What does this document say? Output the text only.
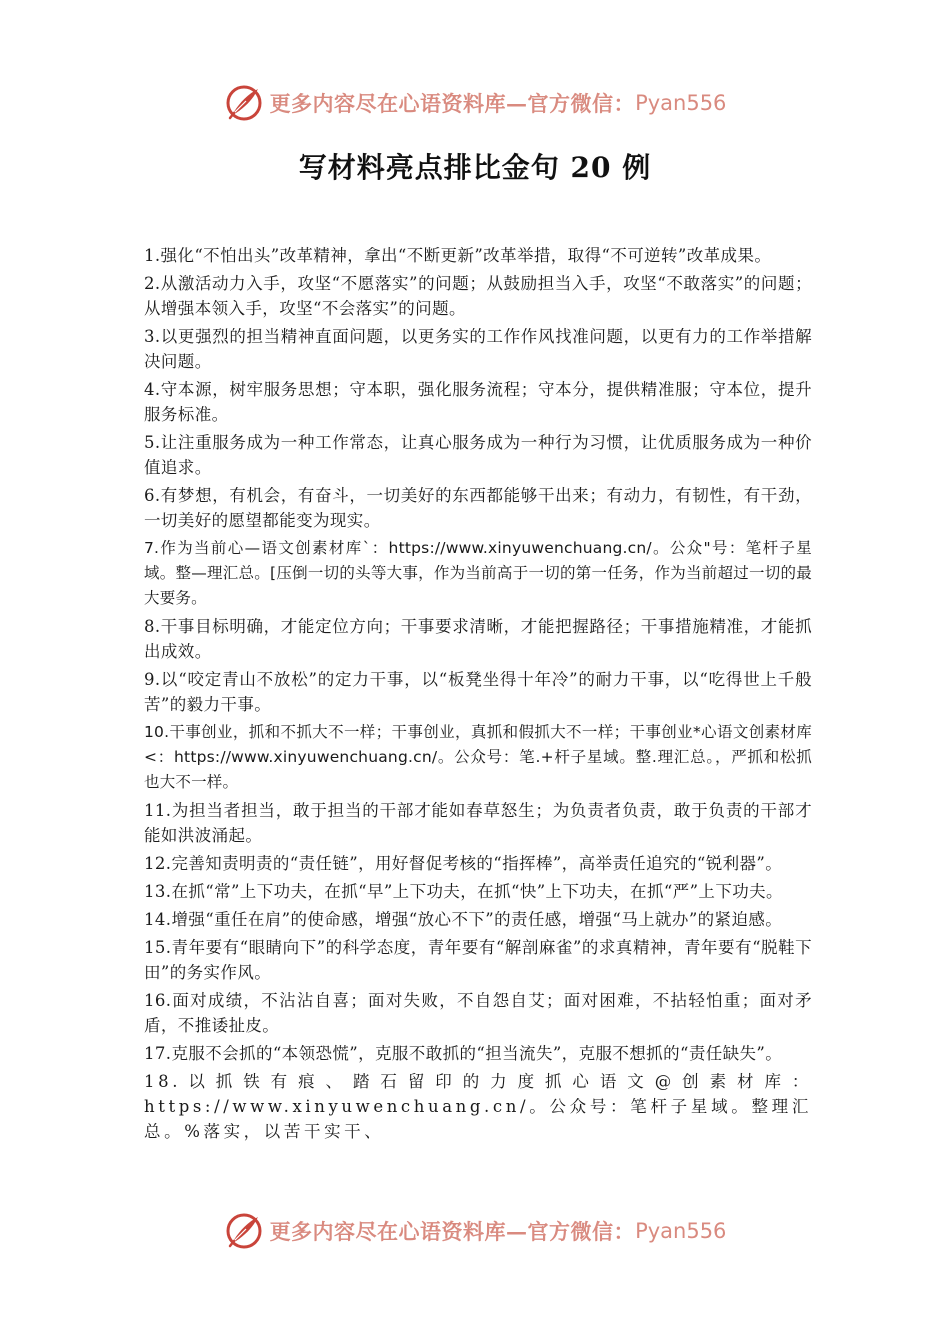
更多内容尽在心语资料库—官方微信： Pyan556
写材料亮点排比金句 20 例

1.强化“不怕出头”改革精神，拿出“不断更新”改革举措，取得“不可逆转”改革成果。

2.从激活动力入手，攻坚“不愿落实”的问题；从鼓励担当入手，攻坚“不敢落实”的问题；从增强本领入手，攻坚“不会落实”的问题。

3.以更强烈的担当精神直面问题，以更务实的工作作风找准问题，以更有力的工作举措解决问题。

4.守本源，树牢服务思想；守本职，强化服务流程；守本分，提供精准服；守本位，提升服务标准。

5.让注重服务成为一种工作常态，让真心服务成为一种行为习惯，让优质服务成为一种价值追求。

6.有梦想，有机会，有奋斗，一切美好的东西都能够干出来；有动力，有韧性，有干劲，一切美好的愿望都能变为现实。

7.作为当前心—语文创素材库`：https://www.xinyuwenchuang.cn/。公众"号：笔杆子星域。整—理汇总。[压倒一切的头等大事，作为当前高于一切的第一任务，作为当前超过一切的最大要务。

8.干事目标明确，才能定位方向；干事要求清晰，才能把握路径；干事措施精准，才能抓出成效。

9.以“咬定青山不放松”的定力干事，以“板凳坐得十年冷”的耐力干事，以“吃得世上千般苦”的毅力干事。

10.干事创业，抓和不抓大不一样；干事创业，真抓和假抓大不一样；干事创业*心语文创素材库<：https://www.xinyuwenchuang.cn/。公众号：笔.+杆子星域。整.理汇总。，严抓和松抓也大不一样。

11.为担当者担当，敢于担当的干部才能如春草怒生；为负责者负责，敢于负责的干部才能如洪波涌起。

12.完善知责明责的“责任链”，用好督促考核的“指挥棒”，高举责任追究的“锐利器”。

13.在抓“常”上下功夫，在抓“早”上下功夫，在抓“快”上下功夫，在抓“严”上下功夫。

14.增强“重任在肩”的使命感，增强“放心不下”的责任感，增强“马上就办”的紧迫感。

15.青年要有“眼睛向下”的科学态度，青年要有“解剖麻雀”的求真精神，青年要有“脱鞋下田”的务实作风。

16.面对成绩，不沾沾自喜；面对失败，不自怨自艾；面对困难，不拈轻怕重；面对矛盾，不推诿扯皮。

17.克服不会抓的“本领恐慌”，克服不敢抓的“担当流失”，克服不想抓的“责任缺失”。

18.以抓铁有痕、踏石留印的力度抓心语文@创素材库：https://www.xinyuwenchuang.cn/。公众号：笔杆子星域。整理汇总。%落实，以苦干实干、

更多内容尽在心语资料库—官方微信： Pyan556
